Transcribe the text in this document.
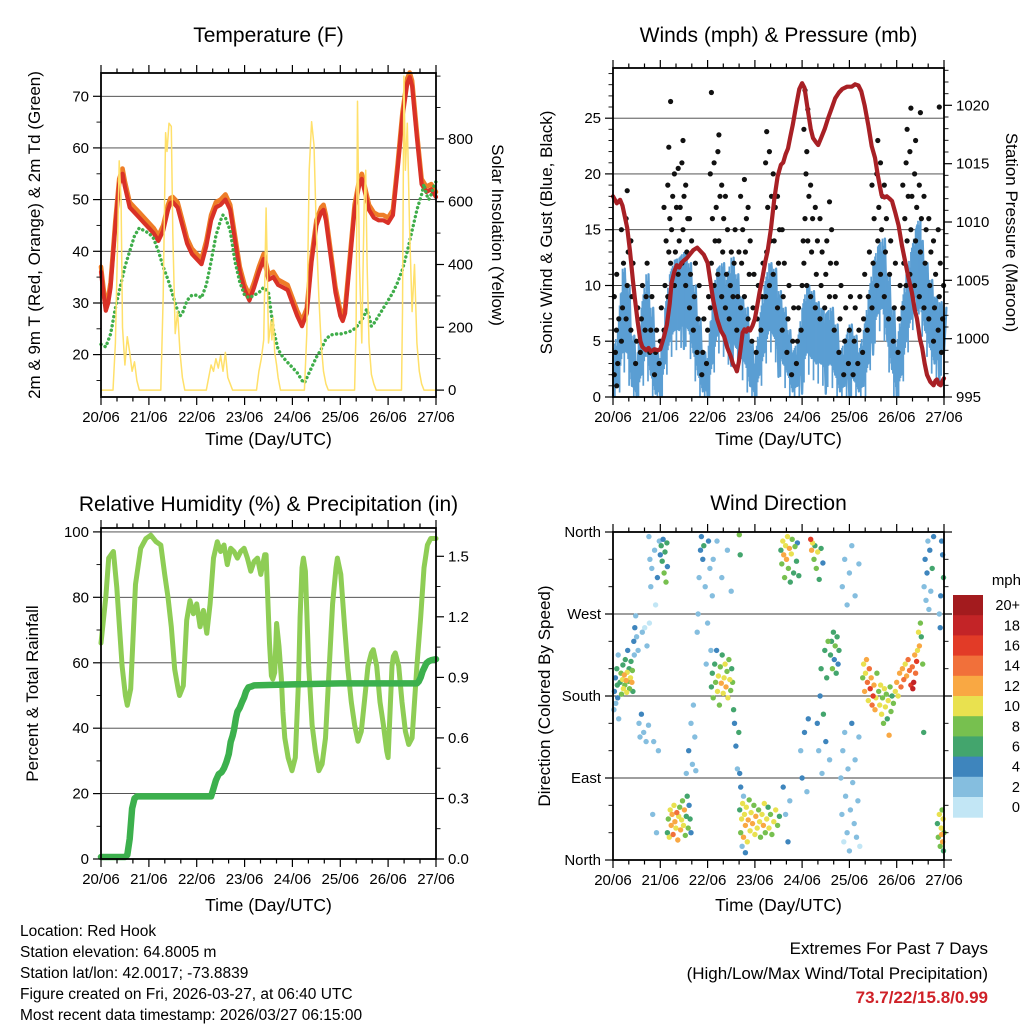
20/06 21/06 22/06 23/06 24/06 25/06 26/06 27/06
20
30
40
50
60
70
2m & 9m T (Red, Orange) & 2m Td (Green)	0
200
400
600
800
Solar Insolation (Yellow)
Temperature (F)
Time (Day/UTC)
20/06 21/06 22/06 23/06 24/06 25/06 26/06 27/06
0
5
10
15
20
25
Sonic Wind & Gust (Blue, Black)
995
1000
1005
1010
1015
1020
Station Pressure (Maroon)
Winds (mph) & Pressure (mb)
Time (Day/UTC)
20/06 21/06 22/06 23/06 24/06 25/06 26/06 27/06
0
20
40
60
80
100
Percent & Total Rainfall
0.0
0.3
0.6
0.9
1.2
1.5
Relative Humidity (%) & Precipitation (in)
Time (Day/UTC)
20/06 21/06 22/06 23/06 24/06 25/06 26/06 27/06
North
East
South
West
North
Direction (Colored By Speed)
mph
20+
18
16
14
12
10
8
6
4
2
0
Wind Direction
Time (Day/UTC)
Location: Red Hook
Station elevation: 64.8005 m
Station lat/lon: 42.0017; -73.8839
Figure created on Fri, 2026-03-27, at 06:40 UTC
Most recent data timestamp: 2026/03/27 06:15:00
Extremes For Past 7 Days
(High/Low/Max Wind/Total Precipitation)
73.7/22/15.8/0.99
